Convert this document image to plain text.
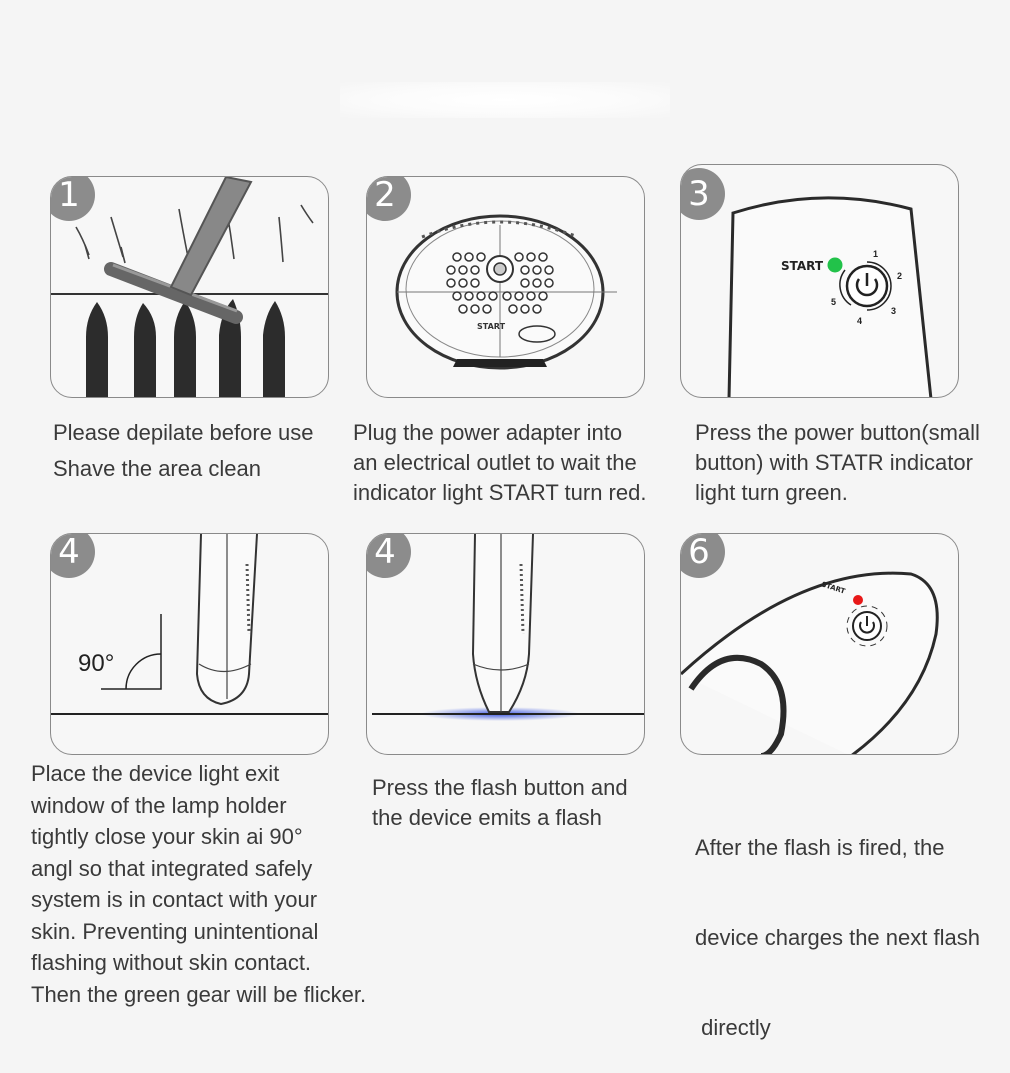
1
START
2
START
1
2
3
4
5
3
Please depilate before use
Shave the area clean
Plug the power adapter into
an electrical outlet to wait the
indicator light START turn red.
Press the power button(small
button) with STATR indicator
light turn green.
90°
4	4
START
6
Place the device light exit
window of the lamp holder
tightly close your skin ai 90°
angl so that integrated safely
system is in contact with your
skin. Preventing unintentional
flashing without skin contact.
Then the green gear will be flicker.
Press the flash button and
the device emits a flash

After the flash is fired, the

device charges the next flash

directly
